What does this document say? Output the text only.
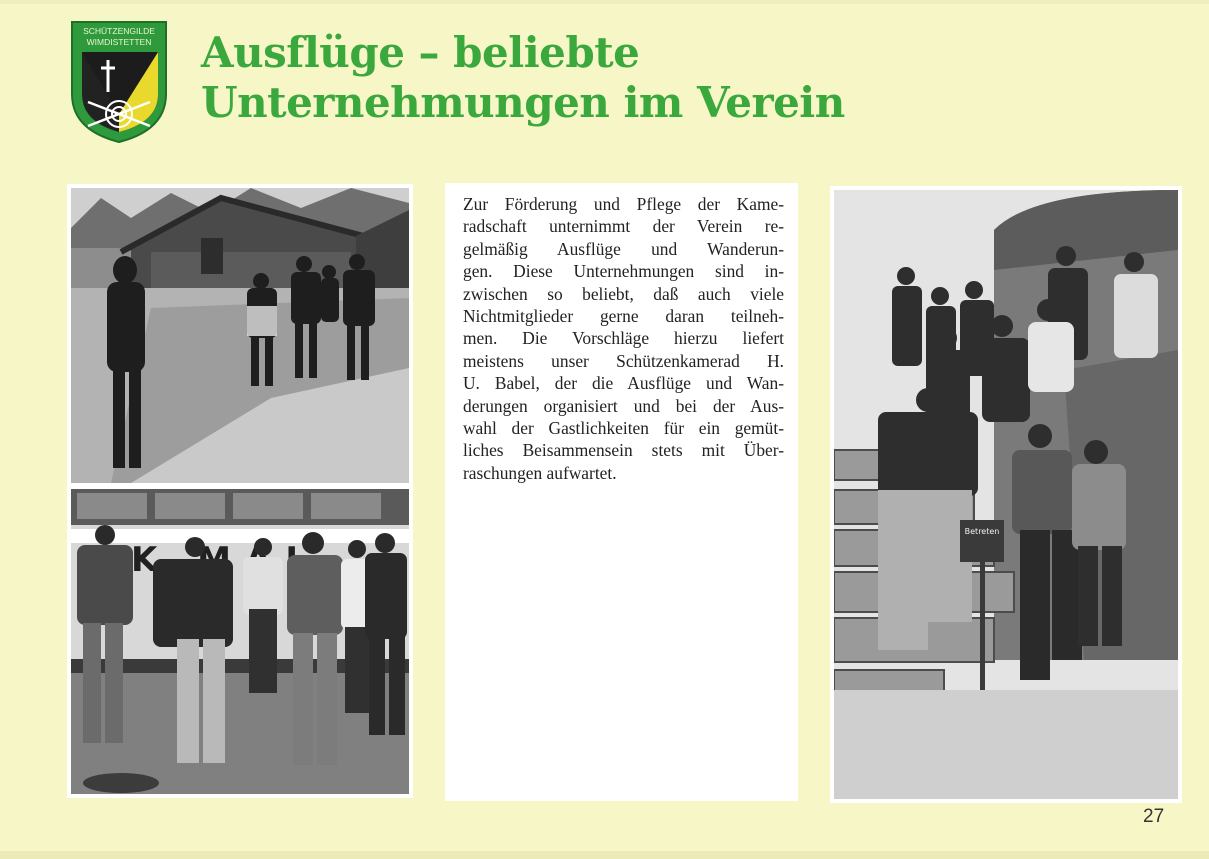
SCHÜTZENGILDE
WIMDISTETTEN Ausflüge – beliebte
Unternehmungen im Verein
K

Zur Förderung und Pflege der Kame-
radschaft unternimmt der Verein re-
gelmäßig Ausflüge und Wanderun-
gen. Diese Unternehmungen sind in-
zwischen so beliebt, daß auch viele
Nichtmitglieder gerne daran teilneh-
men. Die Vorschläge hierzu liefert
meistens unser Schützenkamerad H.
U. Babel, der die Ausflüge und Wan-
derungen organisiert und bei der Aus-
wahl der Gastlichkeiten für ein gemüt-
liches Beisammensein stets mit Über-
raschungen aufwartet.

Betreten
27
